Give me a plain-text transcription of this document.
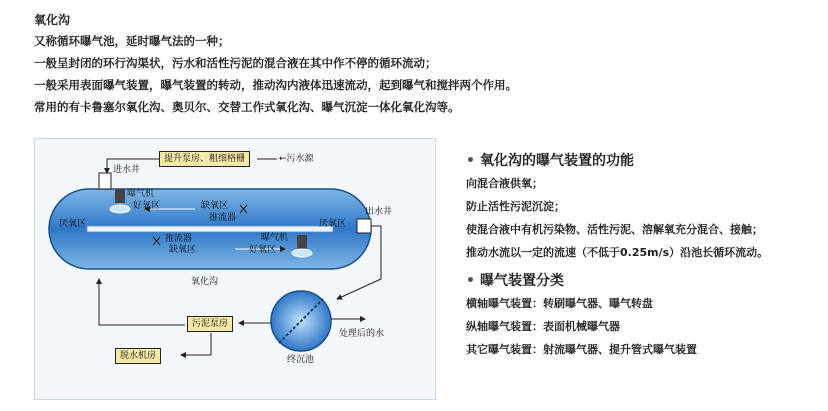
氧化沟
又称循环曝气池，延时曝气法的一种；
一般呈封闭的环行沟渠状，污水和活性污泥的混合液在其中作不停的循环流动；
一般采用表面曝气装置，曝气装置的转动，推动沟内液体迅速流动，起到曝气和搅拌两个作用。
常用的有卡鲁塞尔氧化沟、奥贝尔、交替工作式氧化沟、曝气沉淀一体化氧化沟等。
提升泵房、粗细格栅	←污水源
进水井
出水井
曝气机
好氧区	缺氧区
推流器
厌氧区	厌氧区
推流器
缺氧区
曝气机
好氧区
氧化沟
污泥泵房
脱水机房	终沉池
处理后的水
• 氧化沟的曝气装置的功能
向混合液供氧；
防止活性污泥沉淀；
使混合液中有机污染物、活性污泥、溶解氧充分混合、接触；
推动水流以一定的流速（不低于0.25m/s）沿池长循环流动。
• 曝气装置分类
横轴曝气装置：转刷曝气器、曝气转盘
纵轴曝气装置：表面机械曝气器
其它曝气装置：射流曝气器、提升管式曝气装置
